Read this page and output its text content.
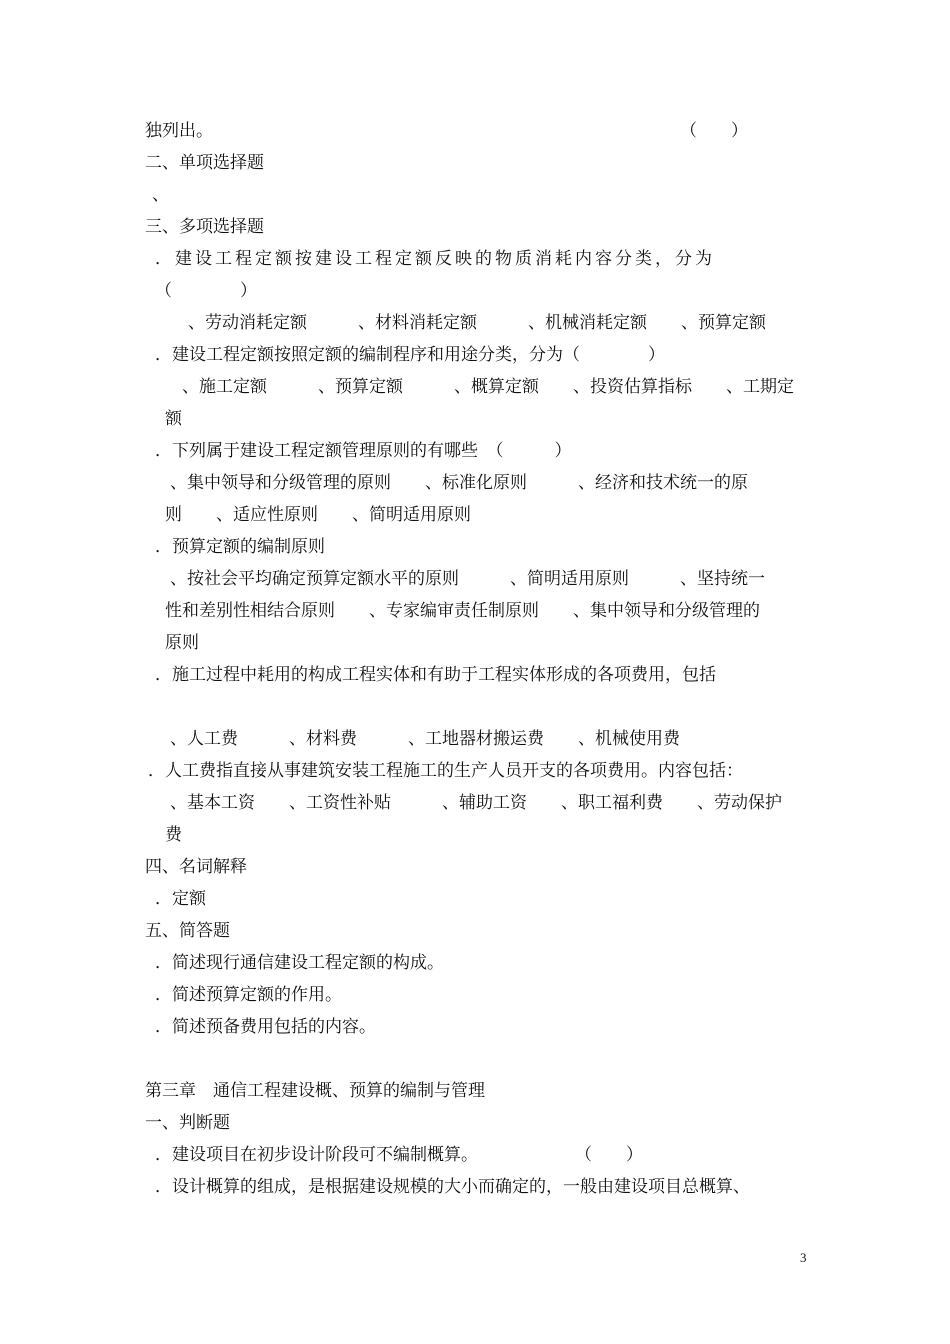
独列出。	（　　）
二、单项选择题
、
三、多项选择题
．建设工程定额按建设工程定额反映的物质消耗内容分类，分为
（　　　　）
、劳动消耗定额　　　、材料消耗定额　　　、机械消耗定额　　、预算定额
．建设工程定额按照定额的编制程序和用途分类，分为（　　　　）
、施工定额　　　、预算定额　　　、概算定额　　、投资估算指标　　、工期定
额
．下列属于建设工程定额管理原则的有哪些　（　　　）
、集中领导和分级管理的原则　　、标准化原则　　　、经济和技术统一的原
则　　、适应性原则　　、简明适用原则
．预算定额的编制原则
、按社会平均确定预算定额水平的原则　　　、简明适用原则　　　、坚持统一
性和差别性相结合原则　　、专家编审责任制原则　　、集中领导和分级管理的
原则
．施工过程中耗用的构成工程实体和有助于工程实体形成的各项费用，包括
、人工费　　　、材料费　　　、工地器材搬运费　　、机械使用费
．人工费指直接从事建筑安装工程施工的生产人员开支的各项费用。内容包括：
、基本工资　　、工资性补贴　　　、辅助工资　　、职工福利费　　、劳动保护
费
四、名词解释
．定额
五、简答题
．简述现行通信建设工程定额的构成。
．简述预算定额的作用。
．简述预备费用包括的内容。
第三章　通信工程建设概、预算的编制与管理
一、判断题
．建设项目在初步设计阶段可不编制概算。	（　　）
．设计概算的组成，是根据建设规模的大小而确定的，一般由建设项目总概算、
3
